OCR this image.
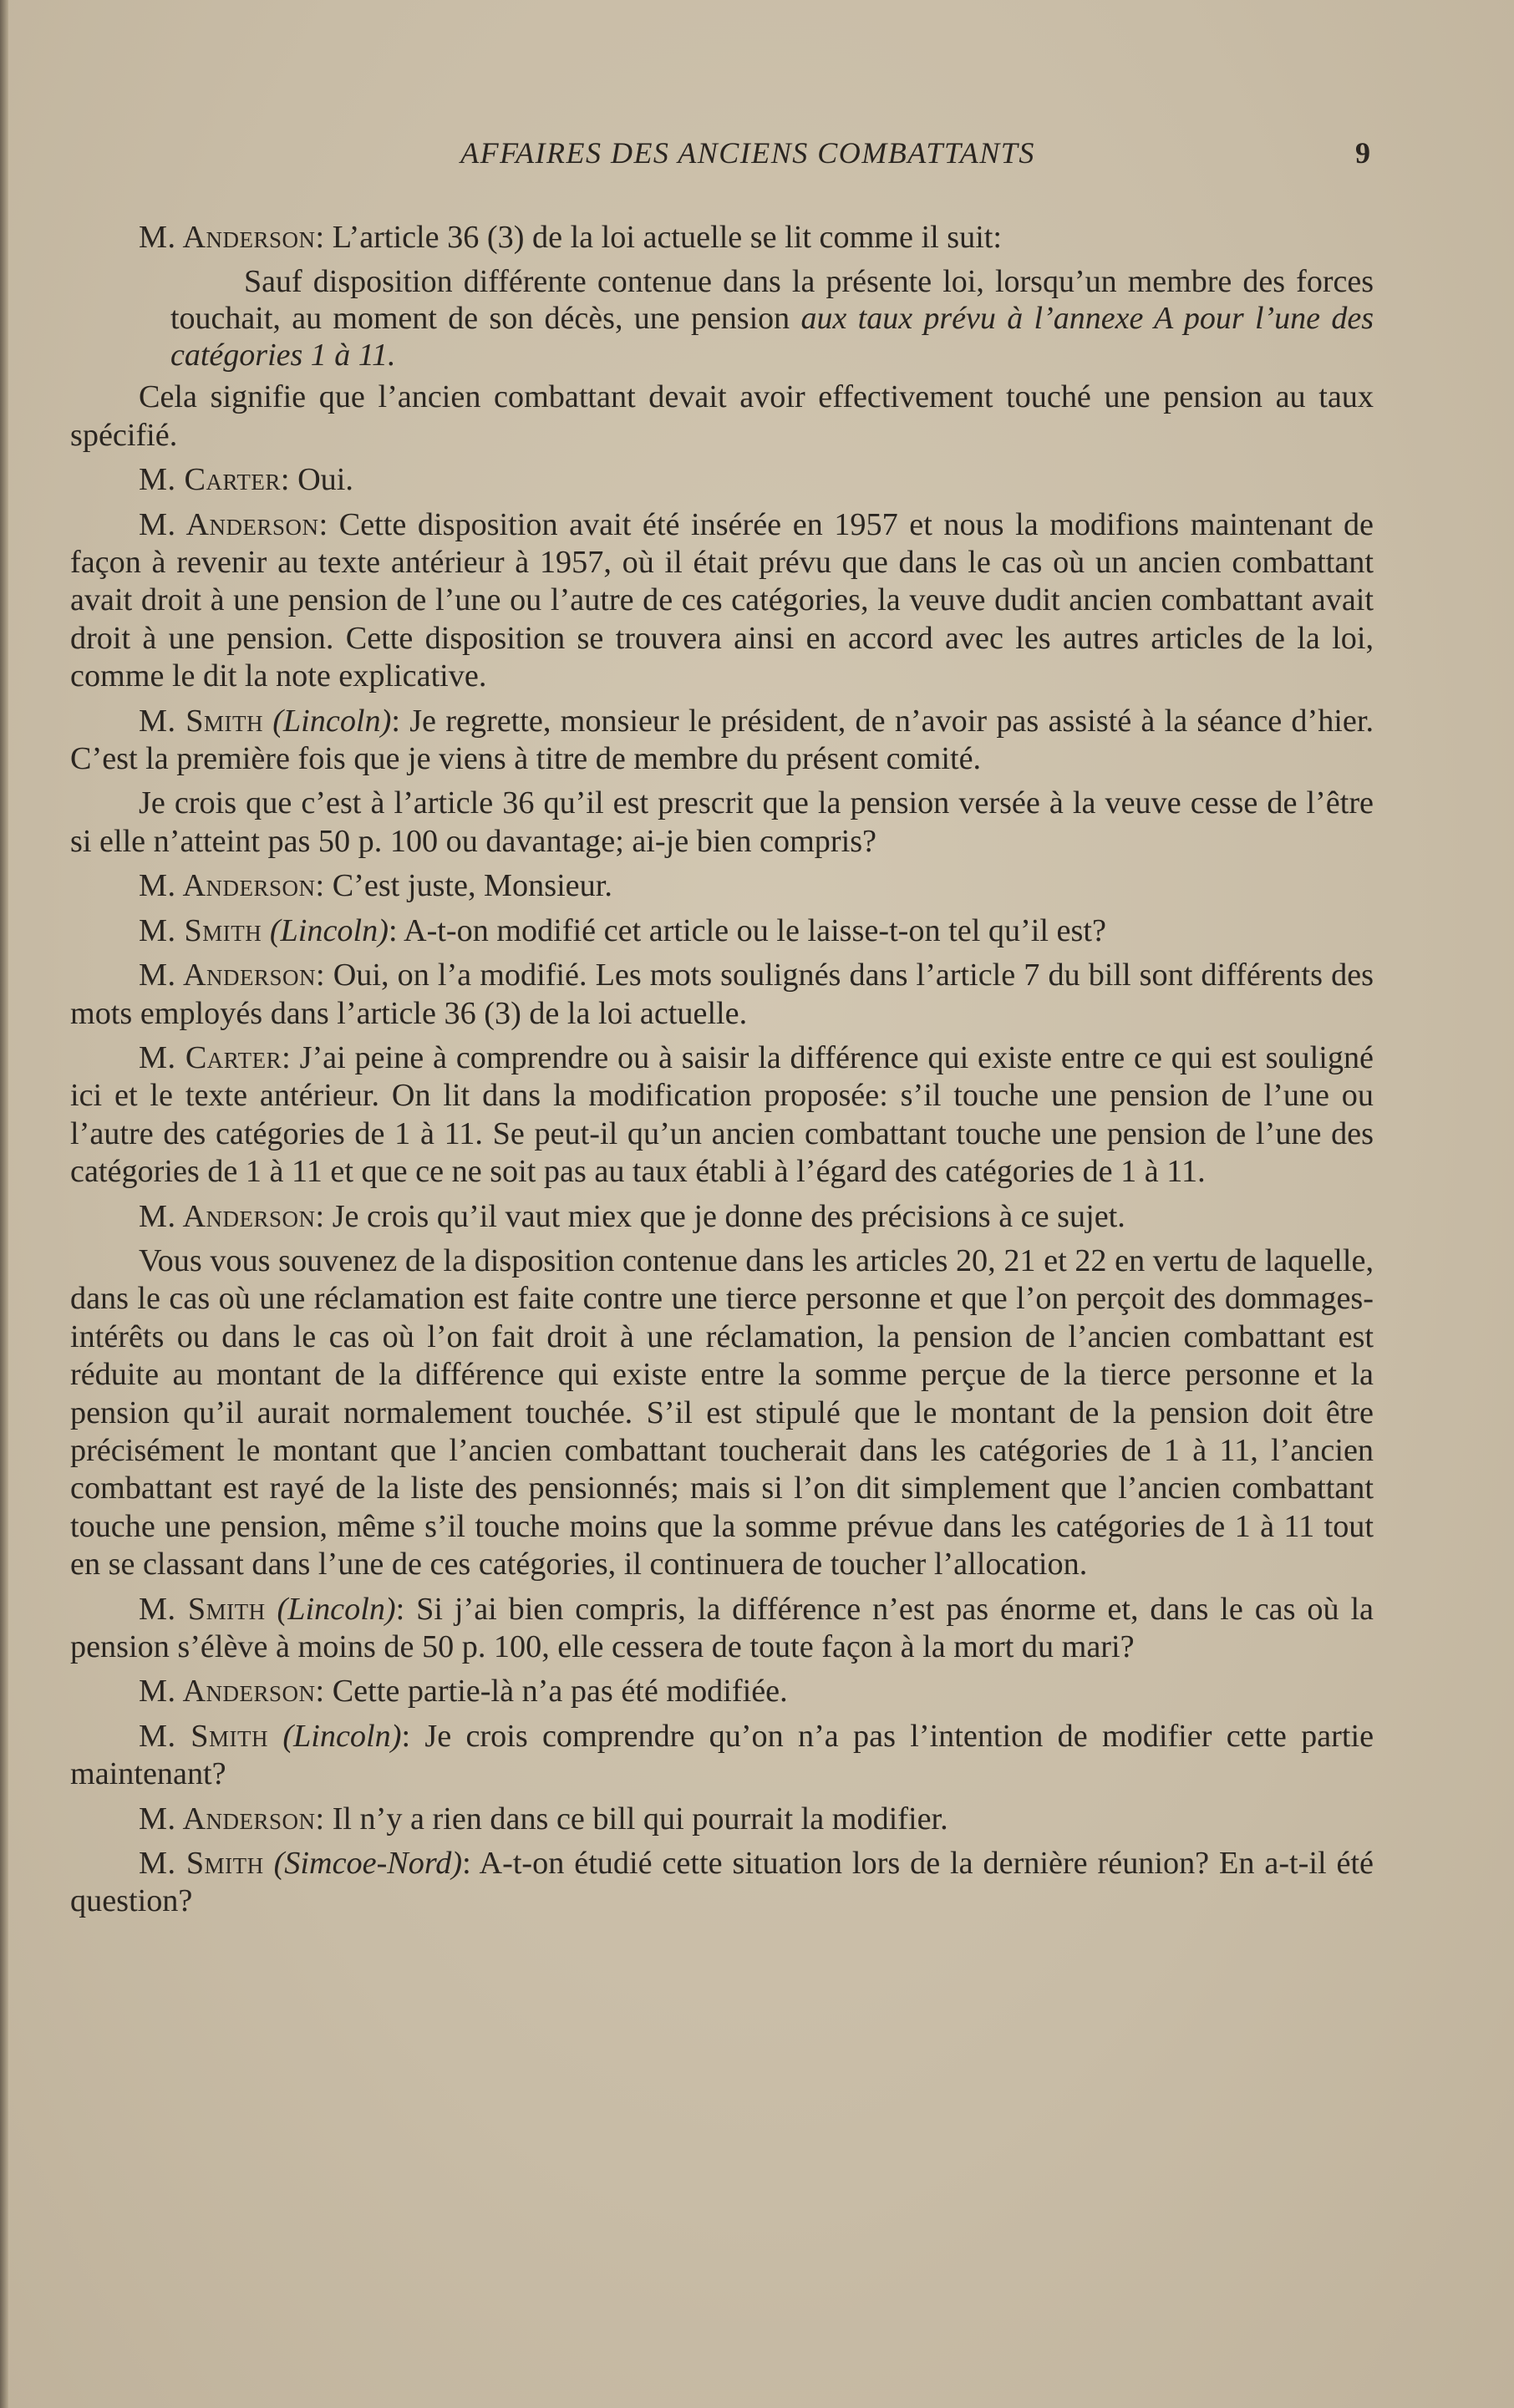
AFFAIRES DES ANCIENS COMBATTANTS	9

M. Anderson: L’article 36 (3) de la loi actuelle se lit comme il suit:

Sauf disposition différente contenue dans la présente loi, lorsqu’un membre des forces touchait, au moment de son décès, une pension aux taux prévu à l’annexe A pour l’une des catégories 1 à 11.

Cela signifie que l’ancien combattant devait avoir effectivement touché une pension au taux spécifié.

M. Carter: Oui.

M. Anderson: Cette disposition avait été insérée en 1957 et nous la modifions maintenant de façon à revenir au texte antérieur à 1957, où il était prévu que dans le cas où un ancien combattant avait droit à une pension de l’une ou l’autre de ces catégories, la veuve dudit ancien combattant avait droit à une pension. Cette disposition se trouvera ainsi en accord avec les autres articles de la loi, comme le dit la note explicative.

M. Smith (Lincoln): Je regrette, monsieur le président, de n’avoir pas assisté à la séance d’hier. C’est la première fois que je viens à titre de membre du présent comité.

Je crois que c’est à l’article 36 qu’il est prescrit que la pension versée à la veuve cesse de l’être si elle n’atteint pas 50 p. 100 ou davantage; ai-je bien compris?

M. Anderson: C’est juste, Monsieur.

M. Smith (Lincoln): A-t-on modifié cet article ou le laisse-t-on tel qu’il est?

M. Anderson: Oui, on l’a modifié. Les mots soulignés dans l’article 7 du bill sont différents des mots employés dans l’article 36 (3) de la loi actuelle.

M. Carter: J’ai peine à comprendre ou à saisir la différence qui existe entre ce qui est souligné ici et le texte antérieur. On lit dans la modification proposée: s’il touche une pension de l’une ou l’autre des catégories de 1 à 11. Se peut-il qu’un ancien combattant touche une pension de l’une des catégories de 1 à 11 et que ce ne soit pas au taux établi à l’égard des catégories de 1 à 11.

M. Anderson: Je crois qu’il vaut miex que je donne des précisions à ce sujet.

Vous vous souvenez de la disposition contenue dans les articles 20, 21 et 22 en vertu de laquelle, dans le cas où une réclamation est faite contre une tierce personne et que l’on perçoit des dommages-intérêts ou dans le cas où l’on fait droit à une réclamation, la pension de l’ancien combattant est réduite au montant de la différence qui existe entre la somme perçue de la tierce personne et la pension qu’il aurait normalement touchée. S’il est stipulé que le montant de la pension doit être précisément le montant que l’ancien combattant toucherait dans les catégories de 1 à 11, l’ancien combattant est rayé de la liste des pensionnés; mais si l’on dit simplement que l’ancien combattant touche une pension, même s’il touche moins que la somme prévue dans les catégories de 1 à 11 tout en se classant dans l’une de ces catégories, il continuera de toucher l’allocation.

M. Smith (Lincoln): Si j’ai bien compris, la différence n’est pas énorme et, dans le cas où la pension s’élève à moins de 50 p. 100, elle cessera de toute façon à la mort du mari?

M. Anderson: Cette partie-là n’a pas été modifiée.

M. Smith (Lincoln): Je crois comprendre qu’on n’a pas l’intention de modifier cette partie maintenant?

M. Anderson: Il n’y a rien dans ce bill qui pourrait la modifier.

M. Smith (Simcoe-Nord): A-t-on étudié cette situation lors de la dernière réunion? En a-t-il été question?
